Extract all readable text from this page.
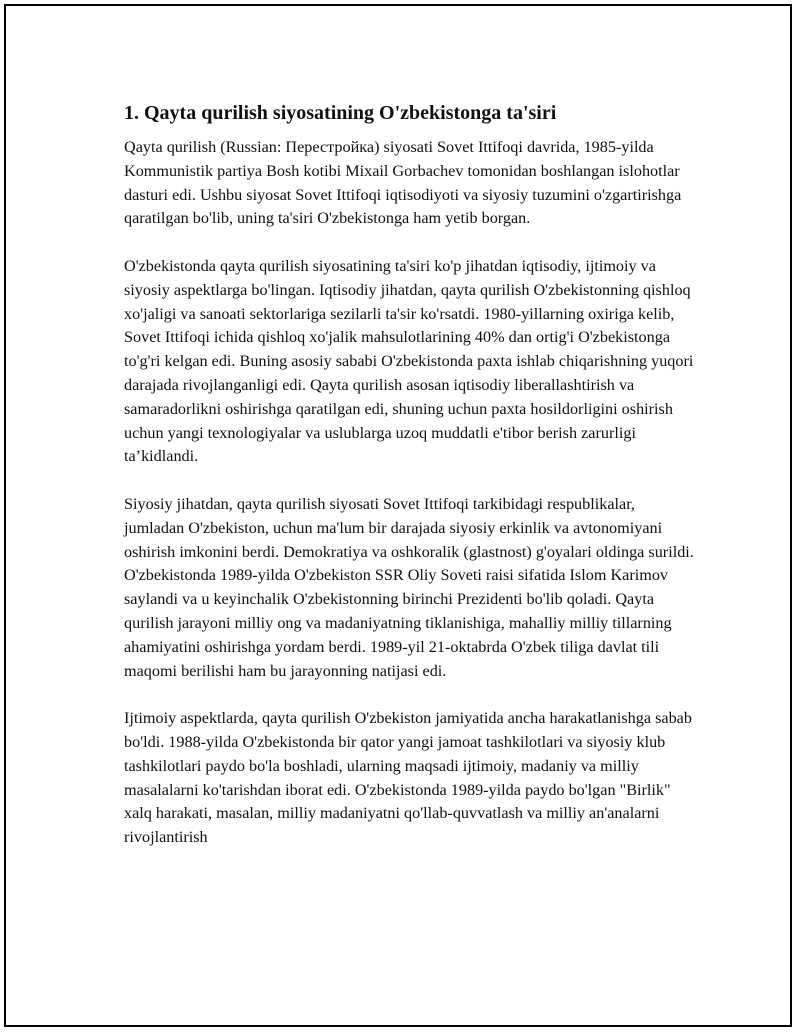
1. Qayta qurilish siyosatining O'zbekistonga ta'siri

Qayta qurilish (Russian: Перестройка) siyosati Sovet Ittifoqi davrida, 1985-yilda Kommunistik partiya Bosh kotibi Mixail Gorbachev tomonidan boshlangan islohotlar dasturi edi. Ushbu siyosat Sovet Ittifoqi iqtisodiyoti va siyosiy tuzumini o'zgartirishga qaratilgan bo'lib, uning ta'siri O'zbekistonga ham yetib borgan.

O'zbekistonda qayta qurilish siyosatining ta'siri ko'p jihatdan iqtisodiy, ijtimoiy va siyosiy aspektlarga bo'lingan. Iqtisodiy jihatdan, qayta qurilish O'zbekistonning qishloq xo'jaligi va sanoati sektorlariga sezilarli ta'sir ko'rsatdi. 1980-yillarning oxiriga kelib, Sovet Ittifoqi ichida qishloq xo'jalik mahsulotlarining 40% dan ortig'i O'zbekistonga to'g'ri kelgan edi. Buning asosiy sababi O'zbekistonda paxta ishlab chiqarishning yuqori darajada rivojlanganligi edi. Qayta qurilish asosan iqtisodiy liberallashtirish va samaradorlikni oshirishga qaratilgan edi, shuning uchun paxta hosildorligini oshirish uchun yangi texnologiyalar va uslublarga uzoq muddatli e'tibor berish zarurligi ta’kidlandi.

Siyosiy jihatdan, qayta qurilish siyosati Sovet Ittifoqi tarkibidagi respublikalar, jumladan O'zbekiston, uchun ma'lum bir darajada siyosiy erkinlik va avtonomiyani oshirish imkonini berdi. Demokratiya va oshkoralik (glastnost) g'oyalari oldinga surildi. O'zbekistonda 1989-yilda O'zbekiston SSR Oliy Soveti raisi sifatida Islom Karimov saylandi va u keyinchalik O'zbekistonning birinchi Prezidenti bo'lib qoladi. Qayta qurilish jarayoni milliy ong va madaniyatning tiklanishiga, mahalliy milliy tillarning ahamiyatini oshirishga yordam berdi. 1989-yil 21-oktabrda O'zbek tiliga davlat tili maqomi berilishi ham bu jarayonning natijasi edi.

Ijtimoiy aspektlarda, qayta qurilish O'zbekiston jamiyatida ancha harakatlanishga sabab bo'ldi. 1988-yilda O'zbekistonda bir qator yangi jamoat tashkilotlari va siyosiy klub tashkilotlari paydo bo'la boshladi, ularning maqsadi ijtimoiy, madaniy va milliy masalalarni ko'tarishdan iborat edi. O'zbekistonda 1989-yilda paydo bo'lgan "Birlik" xalq harakati, masalan, milliy madaniyatni qo'llab-quvvatlash va milliy an'analarni rivojlantirish
